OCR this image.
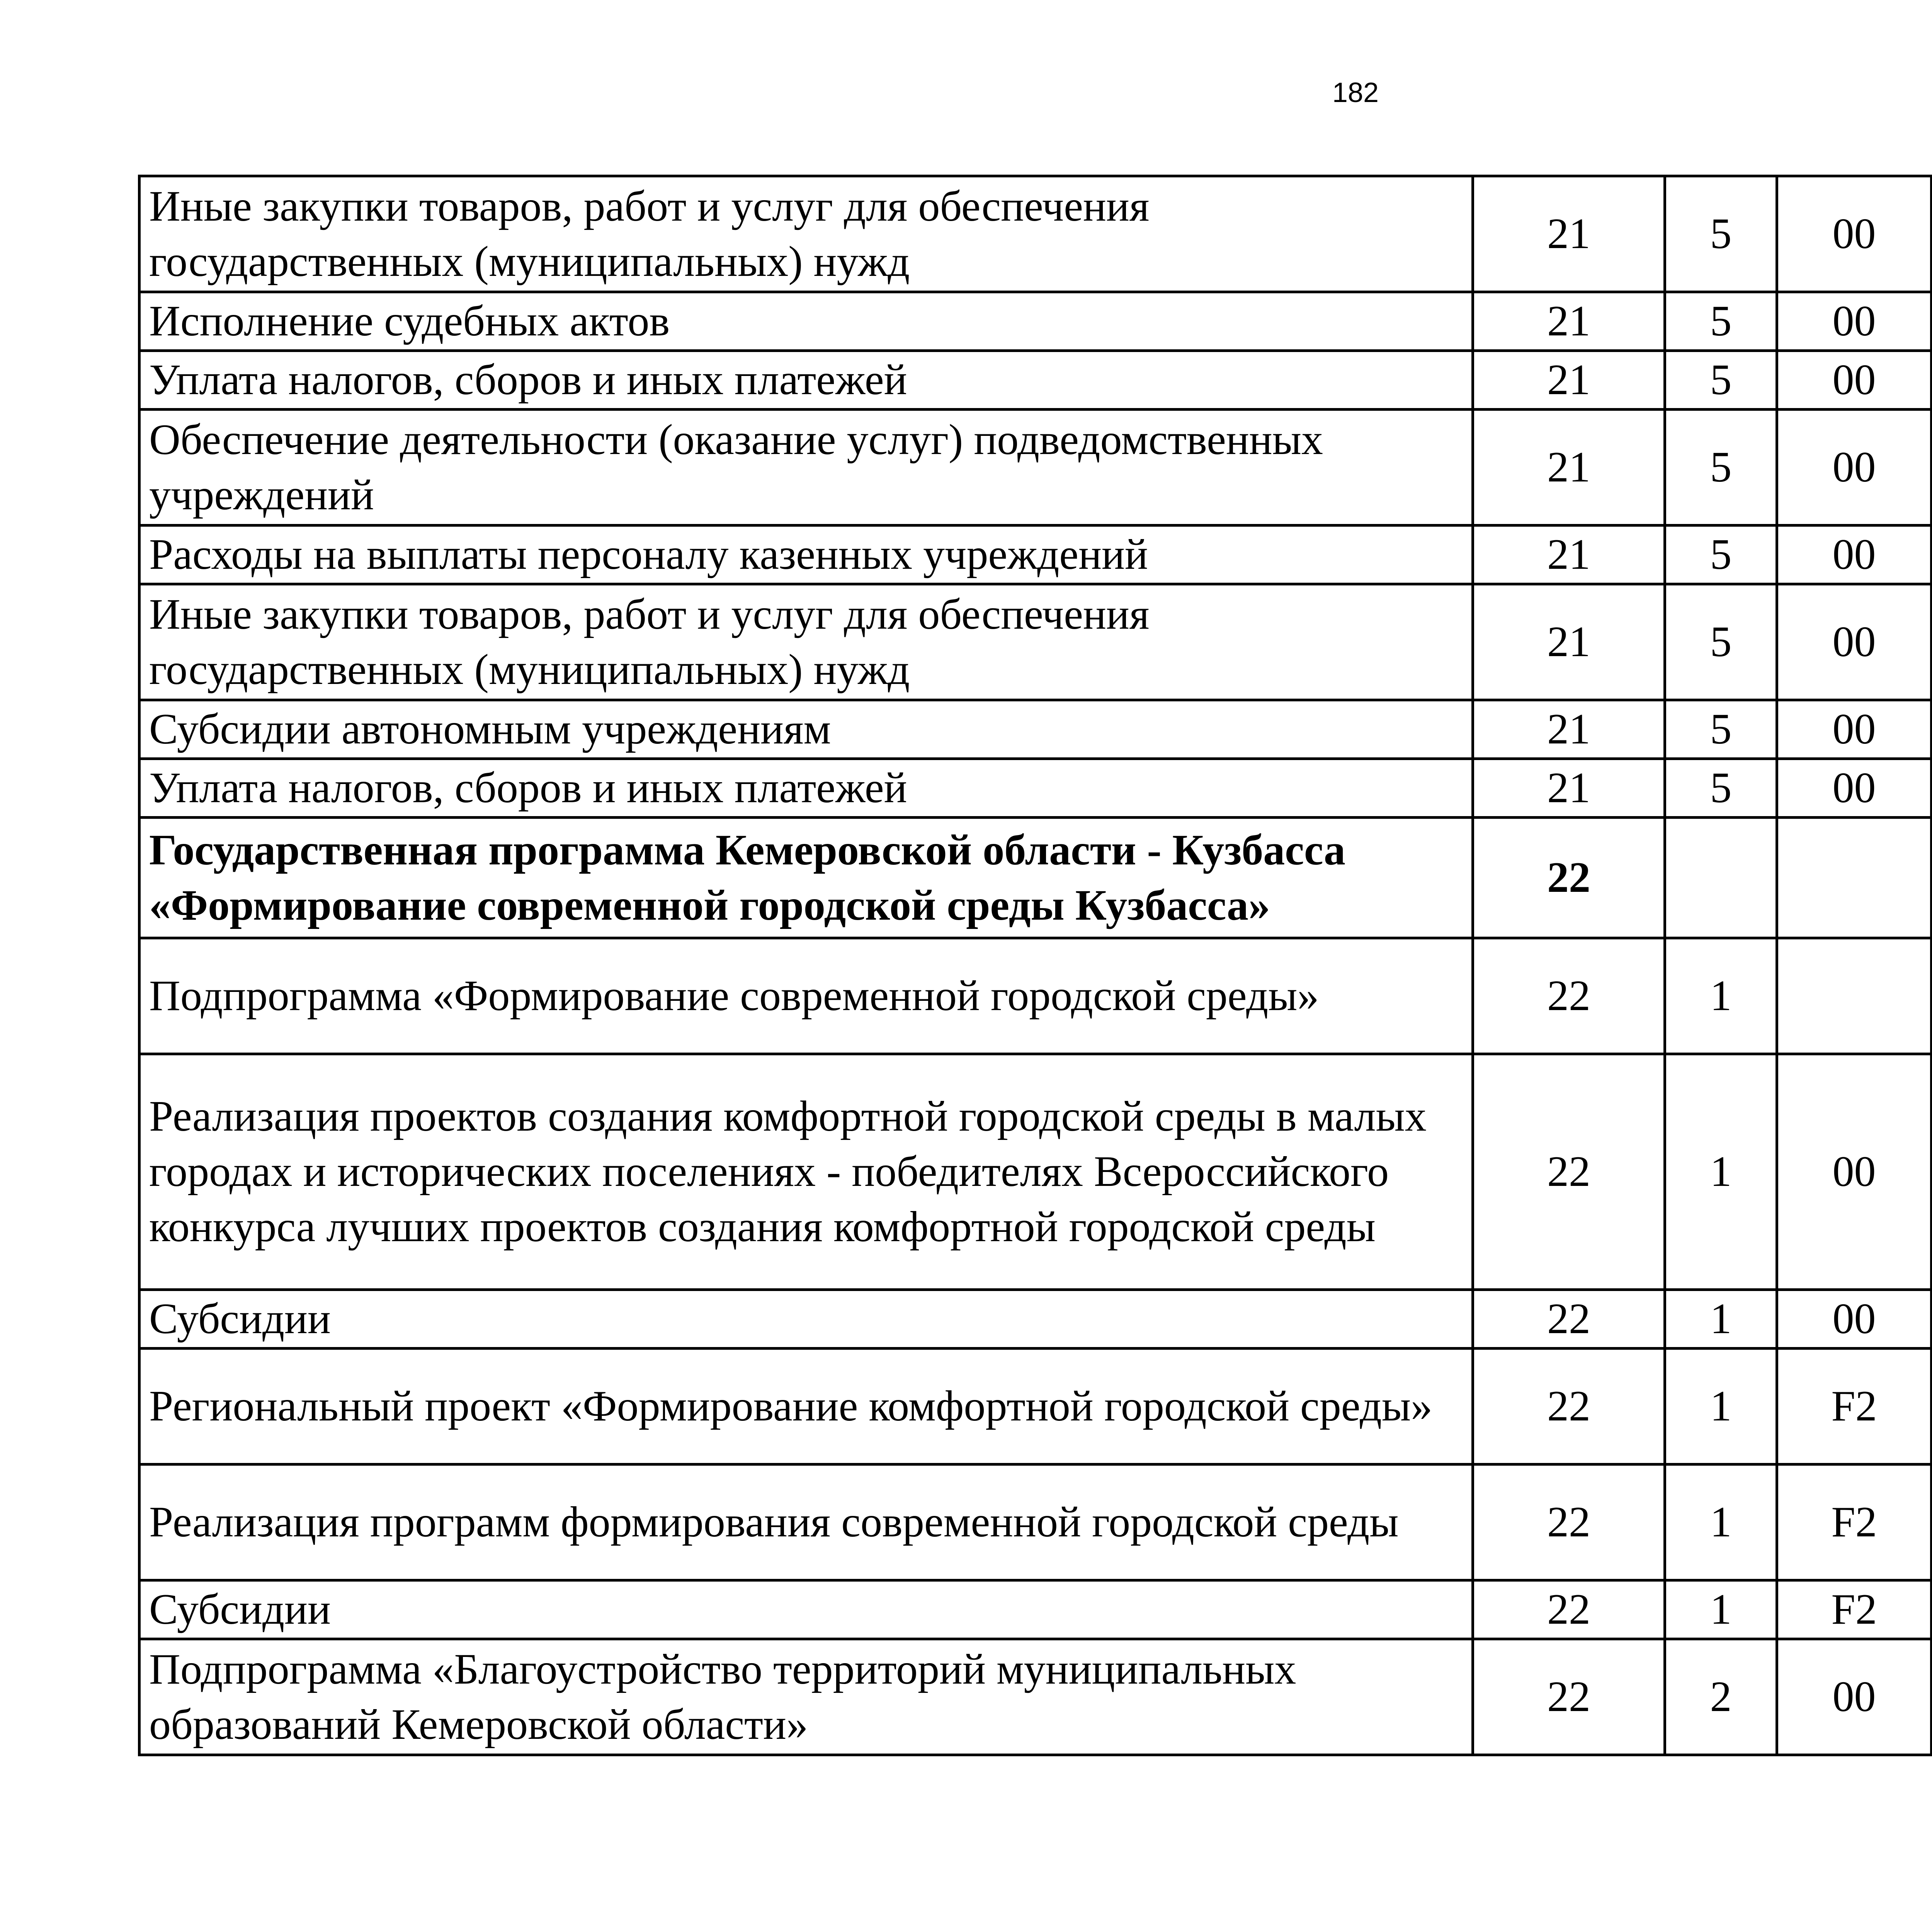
182
Иные закупки товаров, работ и услуг для обеспечения государственных (муниципальных) нужд	21	5	00			
Исполнение судебных актов	21	5	00			
Уплата налогов, сборов и иных платежей	21	5	00			
Обеспечение деятельности (оказание услуг) подведомственных учреждений	21	5	00			
Расходы на выплаты персоналу казенных учреждений	21	5	00			
Иные закупки товаров, работ и услуг для обеспечения государственных (муниципальных) нужд	21	5	00			
Субсидии автономным учреждениям	21	5	00			
Уплата налогов, сборов и иных платежей	21	5	00			
Государственная программа Кемеровской области - Кузбасса «Формирование современной городской среды Кузбасса»	22					
Подпрограмма «Формирование современной городской среды»	22	1				
Реализация проектов создания комфортной городской среды в малых городах и исторических поселениях - победителях Всероссийского конкурса лучших проектов создания комфортной городской среды	22	1	00			
Субсидии	22	1	00			
Региональный проект «Формирование комфортной городской среды»	22	1	F2			
Реализация программ формирования современной городской среды	22	1	F2			
Субсидии	22	1	F2			
Подпрограмма «Благоустройство территорий муниципальных образований Кемеровской области»	22	2	00			
